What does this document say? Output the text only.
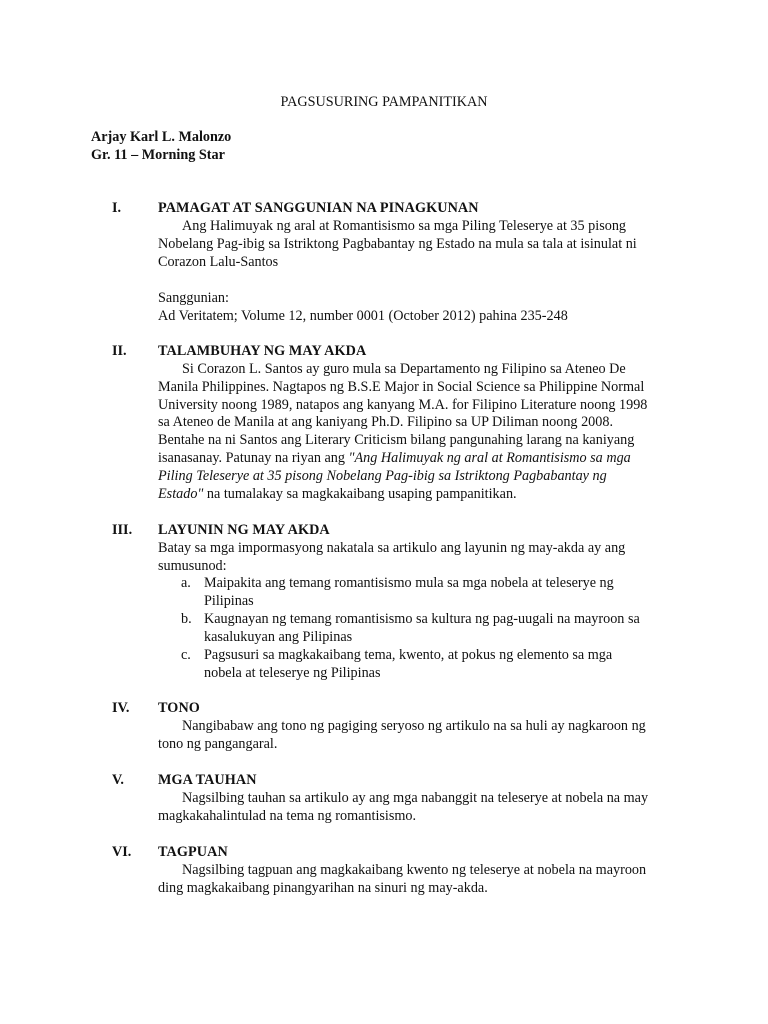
PAGSUSURING PAMPANITIKAN
Arjay Karl L. Malonzo
Gr. 11 – Morning Star
I.	PAMAGAT AT SANGGUNIAN NA PINAGKUNAN
Ang Halimuyak ng aral at Romantisismo sa mga Piling Teleserye at 35 pisong
Nobelang Pag-ibig sa Istriktong Pagbabantay ng Estado na mula sa tala at isinulat ni
Corazon Lalu-Santos
Sanggunian:
Ad Veritatem; Volume 12, number 0001 (October 2012) pahina 235-248
II. TALAMBUHAY NG MAY AKDA
Si Corazon L. Santos ay guro mula sa Departamento ng Filipino sa Ateneo De
Manila Philippines. Nagtapos ng B.S.E Major in Social Science sa Philippine Normal
University noong 1989, natapos ang kanyang M.A. for Filipino Literature noong 1998
sa Ateneo de Manila at ang kaniyang Ph.D. Filipino sa UP Diliman noong 2008.
Bentahe na ni Santos ang Literary Criticism bilang pangunahing larang na kaniyang
isanasanay. Patunay na riyan ang "Ang Halimuyak ng aral at Romantisismo sa mga
Piling Teleserye at 35 pisong Nobelang Pag-ibig sa Istriktong Pagbabantay ng
Estado" na tumalakay sa magkakaibang usaping pampanitikan.
III. LAYUNIN NG MAY AKDA
Batay sa mga impormasyong nakatala sa artikulo ang layunin ng may-akda ay ang
sumusunod:
a. Maipakita ang temang romantisismo mula sa mga nobela at teleserye ng
Pilipinas
b. Kaugnayan ng temang romantisismo sa kultura ng pag-uugali na mayroon sa
kasalukuyan ang Pilipinas
c. Pagsusuri sa magkakaibang tema, kwento, at pokus ng elemento sa mga
nobela at teleserye ng Pilipinas
IV. TONO
Nangibabaw ang tono ng pagiging seryoso ng artikulo na sa huli ay nagkaroon ng
tono ng pangangaral.
V. MGA TAUHAN
Nagsilbing tauhan sa artikulo ay ang mga nabanggit na teleserye at nobela na may
magkakahalintulad na tema ng romantisismo.
VI. TAGPUAN
Nagsilbing tagpuan ang magkakaibang kwento ng teleserye at nobela na mayroon
ding magkakaibang pinangyarihan na sinuri ng may-akda.
